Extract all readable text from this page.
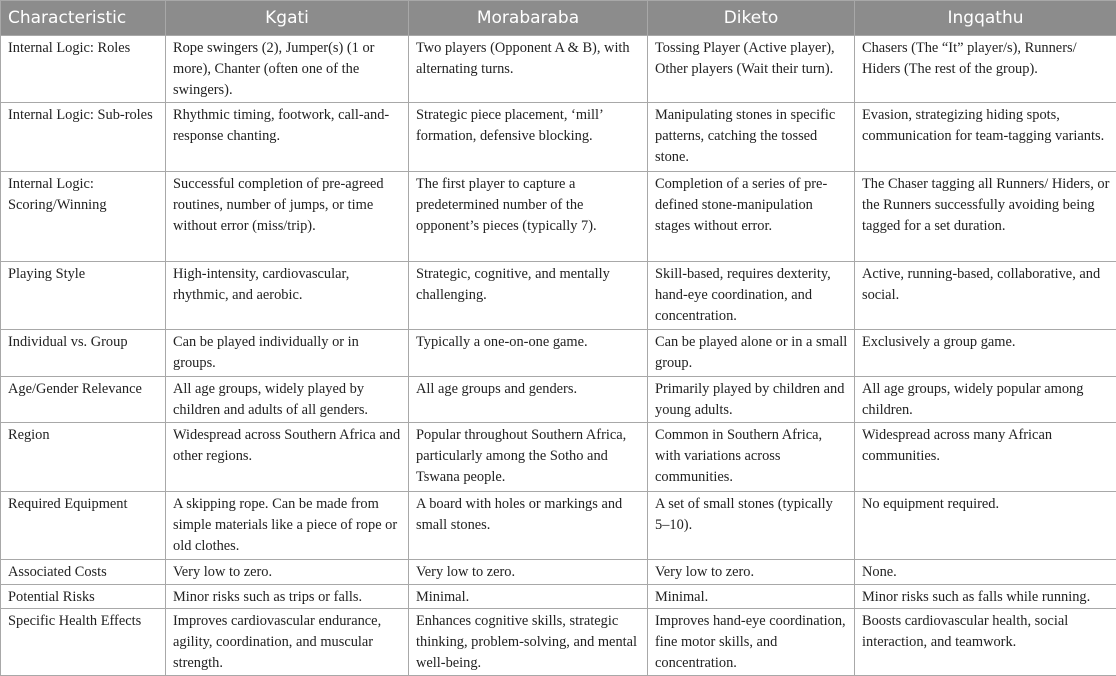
Characteristic	Kgati	Morabaraba	Diketo	Ingqathu
Internal Logic: Roles	Rope swingers (2), Jumper(s) (1 or more), Chanter (often one of the swingers).	Two players (Opponent A & B), with alternating turns.	Tossing Player (Active player), Other players (Wait their turn).	Chasers (The “It” player/s), Runners/ Hiders (The rest of the group).
Internal Logic: Sub-roles	Rhythmic timing, footwork, call-and-response chanting.	Strategic piece placement, ‘mill’ formation, defensive blocking.	Manipulating stones in specific patterns, catching the tossed stone.	Evasion, strategizing hiding spots, communication for team-tagging variants.
Internal Logic: Scoring/Winning	Successful completion of pre-agreed routines, number of jumps, or time without error (miss/trip).	The first player to capture a predetermined number of the opponent’s pieces (typically 7).	Completion of a series of pre-defined stone-manipulation stages without error.	The Chaser tagging all Runners/ Hiders, or the Runners successfully avoiding being tagged for a set duration.
Playing Style	High-intensity, cardiovascular, rhythmic, and aerobic.	Strategic, cognitive, and mentally challenging.	Skill-based, requires dexterity, hand-eye coordination, and concentration.	Active, running-based, collaborative, and social.
Individual vs. Group	Can be played individually or in groups.	Typically a one-on-one game.	Can be played alone or in a small group.	Exclusively a group game.
Age/Gender Relevance	All age groups, widely played by children and adults of all genders.	All age groups and genders.	Primarily played by children and young adults.	All age groups, widely popular among children.
Region	Widespread across Southern Africa and other regions.	Popular throughout Southern Africa, particularly among the Sotho and Tswana people.	Common in Southern Africa, with variations across communities.	Widespread across many African communities.
Required Equipment	A skipping rope. Can be made from simple materials like a piece of rope or old clothes.	A board with holes or markings and small stones.	A set of small stones (typically 5–10).	No equipment required.
Associated Costs	Very low to zero.	Very low to zero.	Very low to zero.	None.
Potential Risks	Minor risks such as trips or falls.	Minimal.	Minimal.	Minor risks such as falls while running.
Specific Health Effects	Improves cardiovascular endurance, agility, coordination, and muscular strength.	Enhances cognitive skills, strategic thinking, problem-solving, and mental well-being.	Improves hand-eye coordination, fine motor skills, and concentration.	Boosts cardiovascular health, social interaction, and teamwork.
